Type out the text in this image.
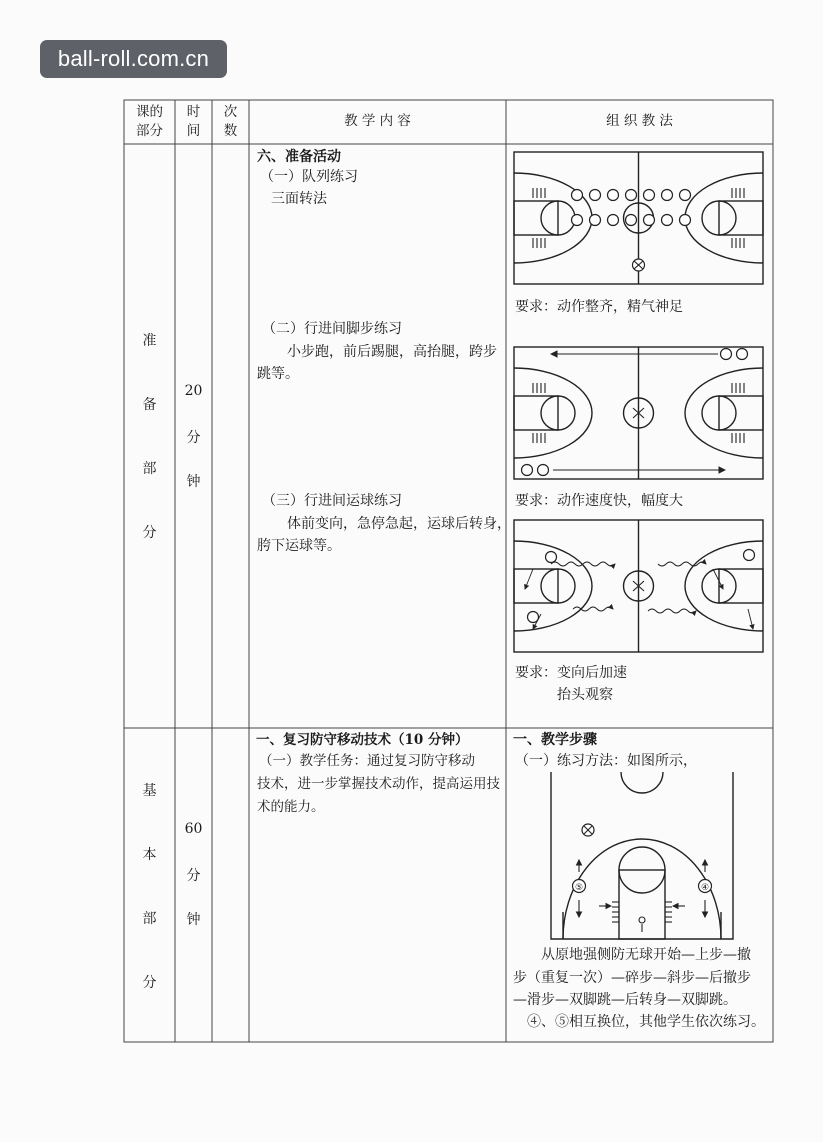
ball-roll.com.cn
课的
部分
时
间
次
数
教 学 内 容	组 织 教 法
准
备
部
分
20
分
钟
六、准备活动
（一）队列练习
三面转法
（二）行进间脚步练习
小步跑，前后踢腿，高抬腿，跨步
跳等。
（三）行进间运球练习
体前变向，急停急起，运球后转身，
胯下运球等。
要求：动作整齐，精气神足
要求：动作速度快，幅度大
要求：变向后加速
抬头观察
基
本
部
分
60
分
钟
一、复习防守移动技术（10 分钟）
（一）教学任务：通过复习防守移动
技术，进一步掌握技术动作，提高运用技
术的能力。
一、教学步骤
（一）练习方法：如图所示，
⑤	④
从原地强侧防无球开始—上步—撤
步（重复一次）—碎步—斜步—后撤步
—滑步—双脚跳—后转身—双脚跳。
④、⑤相互换位，其他学生依次练习。
